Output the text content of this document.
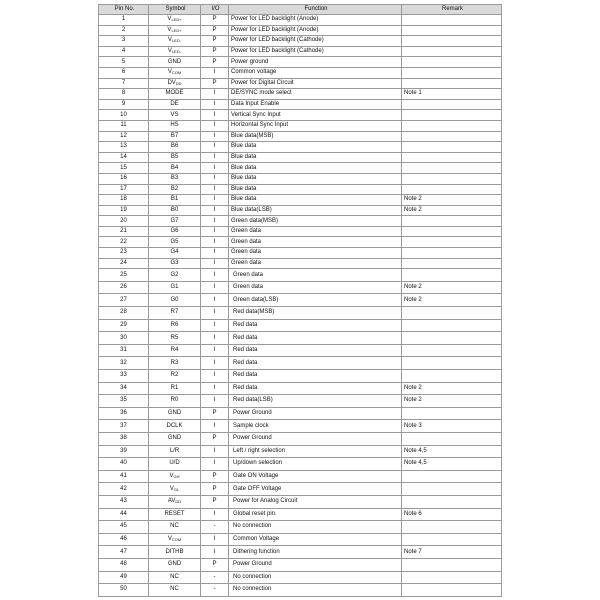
Pin No.	Symbol	I/O	Function	Remark
1	$V_{LED+}$	P	Power for LED backlight (Anode)	
2	$V_{LED+}$	P	Power for LED backlight (Anode)	
3	$V_{LED-}$	P	Power for LED backlight (Cathode)	
4	$V_{LED-}$	P	Power for LED backlight (Cathode)	
5	GND	P	Power ground	
6	$V_{COM}$	I	Common voltage	
7	$DV_{DD}$	P	Power for Digital Circuit	
8	MODE	I	DE/SYNC mode select	Note 1
9	DE	I	Data Input Enable	
10	VS	I	Vertical Sync Input	
11	HS	I	Horizontal Sync Input	
12	B7	I	Blue data(MSB)	
13	B6	I	Blue data	
14	B5	I	Blue data	
15	B4	I	Blue data	
16	B3	I	Blue data	
17	B2	I	Blue data	
18	B1	I	Blue data	Note 2
19	B0	I	Blue data(LSB)	Note 2
20	G7	I	Green data(MSB)	
21	G6	I	Green data	
22	G5	I	Green data	
23	G4	I	Green data	
24	G3	I	Green data	
25	G2	I	Green data	
26	G1	I	Green data	Note 2
27	G0	I	Green data(LSB)	Note 2
28	R7	I	Red data(MSB)	
29	R6	I	Red data	
30	R5	I	Red data	
31	R4	I	Red data	
32	R3	I	Red data	
33	R2	I	Red data	
34	R1	I	Red data	Note 2
35	R0	I	Red data(LSB)	Note 2
36	GND	P	Power Ground	
37	DCLK	I	Sample clock	Note 3
38	GND	P	Power Ground	
39	L/R	I	Left / right selection	Note 4,5
40	U/D	I	Up/down selection	Note 4,5
41	$V_{GH}$	P	Gate ON Voltage	
42	$V_{GL}$	P	Gate OFF Voltage	
43	$AV_{DD}$	P	Power for Analog Circuit	
44	RESET	I	Global reset pin.	Note 6
45	NC	-	No connection	
46	$V_{COM}$	I	Common Voltage	
47	DITHB	I	Dithering function	Note 7
48	GND	P	Power Ground	
49	NC	-	No connection	
50	NC	-	No connection	
